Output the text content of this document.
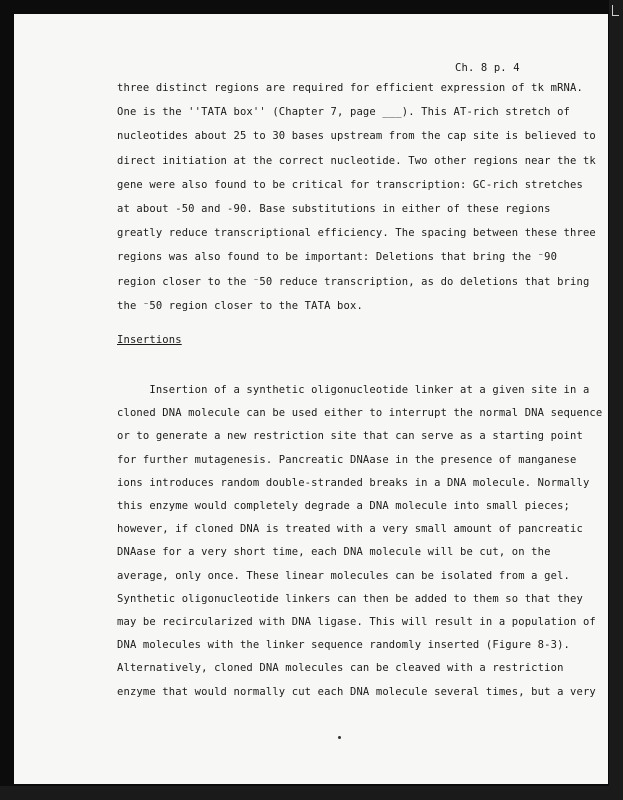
Ch. 8 p. 4
three distinct regions are required for efficient expression of tk mRNA.
One is the ''TATA box'' (Chapter 7, page ___). This AT-rich stretch of
nucleotides about 25 to 30 bases upstream from the cap site is believed to
direct initiation at the correct nucleotide. Two other regions near the tk
gene were also found to be critical for transcription: GC-rich stretches
at about -50 and -90. Base substitutions in either of these regions
greatly reduce transcriptional efficiency. The spacing between these three
regions was also found to be important: Deletions that bring the ⁻90
region closer to the ⁻50 reduce transcription, as do deletions that bring
the ⁻50 region closer to the TATA box.
Insertions
Insertion of a synthetic oligonucleotide linker at a given site in a
cloned DNA molecule can be used either to interrupt the normal DNA sequence
or to generate a new restriction site that can serve as a starting point
for further mutagenesis. Pancreatic DNAase in the presence of manganese
ions introduces random double-stranded breaks in a DNA molecule. Normally
this enzyme would completely degrade a DNA molecule into small pieces;
however, if cloned DNA is treated with a very small amount of pancreatic
DNAase for a very short time, each DNA molecule will be cut, on the
average, only once. These linear molecules can be isolated from a gel.
Synthetic oligonucleotide linkers can then be added to them so that they
may be recircularized with DNA ligase. This will result in a population of
DNA molecules with the linker sequence randomly inserted (Figure 8-3).
Alternatively, cloned DNA molecules can be cleaved with a restriction
enzyme that would normally cut each DNA molecule several times, but a very
